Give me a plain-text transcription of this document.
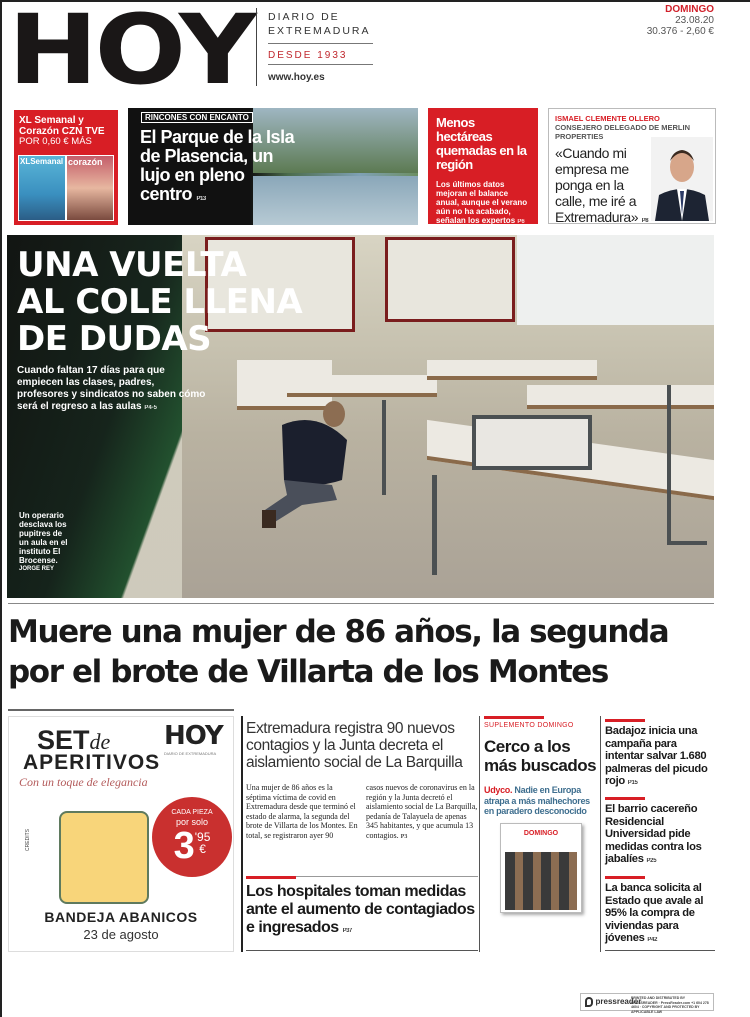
HOY DIARIO DE
EXTREMADURA
DESDE 1933
www.hoy.es
DOMINGO
23.08.20
30.376 - 2,60 €
XL Semanal y Corazón CZN TVE
POR 0,60 € MÁS
XLSemanal corazón
RINCONES CON ENCANTO
El Parque de la Isla de Plasencia, un lujo en pleno centro P13
Menos hectáreas quemadas en la región
Los últimos datos mejoran el balance anual, aunque el verano aún no ha acabado, señalan los expertos P6
ISMAEL CLEMENTE OLLERO CONSEJERO DELEGADO DE MERLIN PROPERTIES
«Cuando mi empresa me ponga en la calle, me iré a Extremadura» P8
UNA VUELTA
AL COLE LLENA
DE DUDAS
Cuando faltan 17 días para que empiecen las clases, padres, profesores y sindicatos no saben cómo será el regreso a las aulas P4-5
Un operario desclava los pupitres de un aula en el instituto El Brocense.
JORGE REY
Muere una mujer de 86 años, la segunda
por el brote de Villarta de los Montes
SETde
APERITIVOS
Con un toque de elegancia
HOY
DIARIO DE EXTREMADURA
CREDITS
CADA PIEZA
por solo
3'95
€
BANDEJA ABANICOS
23 de agosto
Extremadura registra 90 nuevos contagios y la Junta decreta el aislamiento social de La Barquilla

Una mujer de 86 años es la séptima víctima de covid en Extremadura desde que terminó el estado de alarma, la segunda del brote de Villarta de los Montes. En total, se registraron ayer 90

casos nuevos de coronavirus en la región y la Junta decretó el aislamiento social de La Barquilla, pedanía de Talayuela de apenas 345 habitantes, y que acumula 13 contagios. P3

Los hospitales toman medidas ante el aumento de contagiados e ingresados P37
SUPLEMENTO DOMINGO
Cerco a los más buscados
Udyco. Nadie en Europa atrapa a más malhechores en paradero desconocido
DOMINGO
Badajoz inicia una campaña para intentar salvar 1.680 palmeras del picudo rojo P15
El barrio cacereño Residencial Universidad pide medidas contra los jabalíes P25
La banca solicita al Estado que avale al 95% la compra de viviendas para jóvenes P42
pressreader
PRINTED AND DISTRIBUTED BY PRESSREADER · PressReader.com +1 604 278 4604 · COPYRIGHT AND PROTECTED BY APPLICABLE LAW
